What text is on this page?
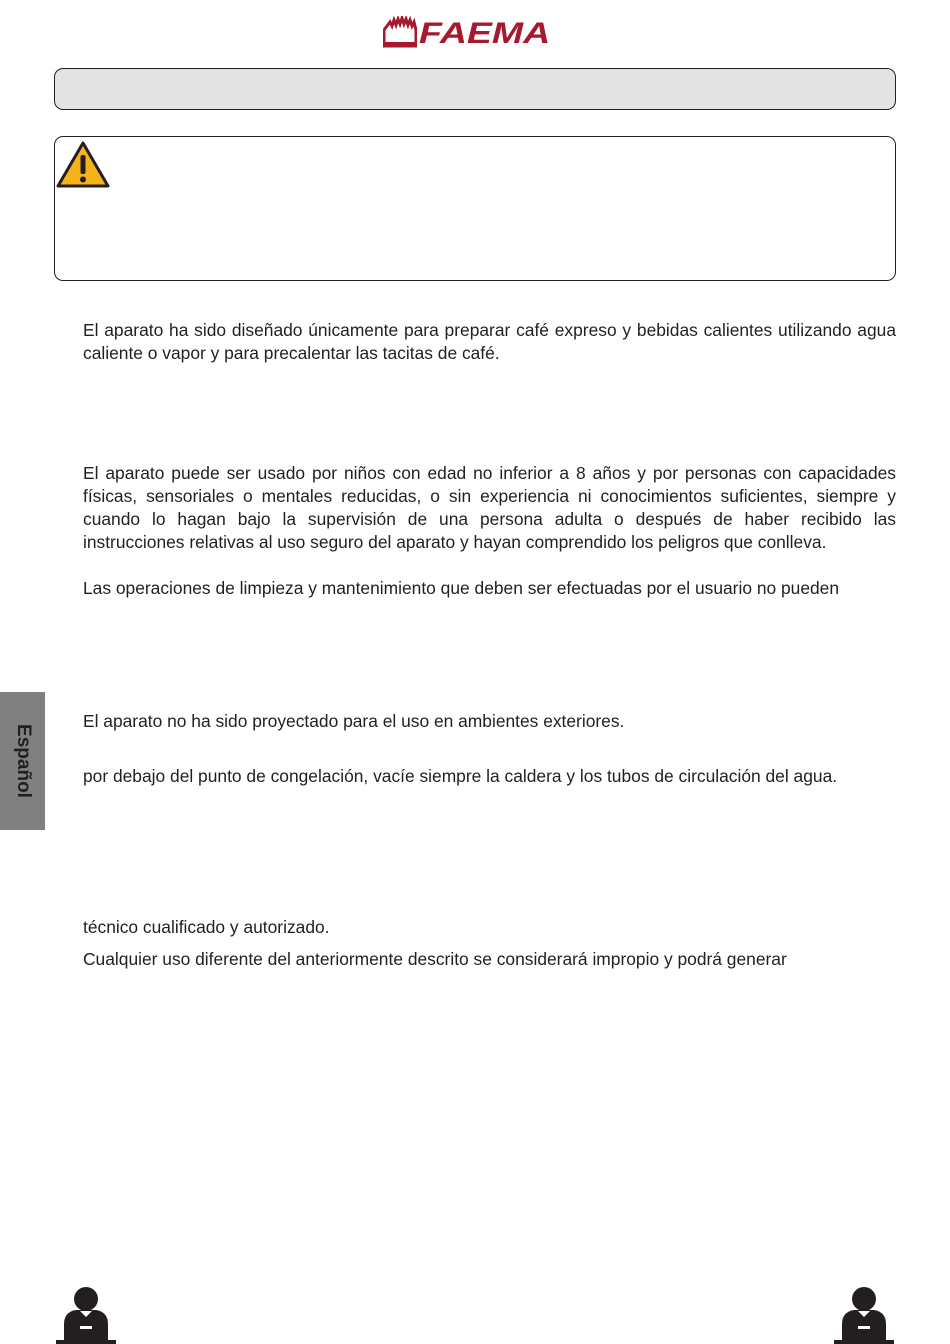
FAEMA

El aparato ha sido diseñado únicamente para preparar café expreso y bebidas calientes utilizando agua caliente o vapor y para precalentar las tacitas de café.

El aparato puede ser usado por niños con edad no inferior a 8 años y por personas con capacidades físicas, sensoriales o mentales reducidas, o sin experiencia ni conocimientos suficientes, siempre y cuando lo hagan bajo la supervisión de una persona adulta o después de haber recibido las instrucciones relativas al uso seguro del aparato y hayan comprendido los peligros que conlleva.

Las operaciones de limpieza y mantenimiento que deben ser efectuadas por el usuario no pueden

El aparato no ha sido proyectado para el uso en ambientes exteriores.

por debajo del punto de congelación, vacíe siempre la caldera y los tubos de circulación del agua.

técnico cualificado y autorizado.

Cualquier uso diferente del anteriormente descrito se considerará impropio y podrá generar

Español
